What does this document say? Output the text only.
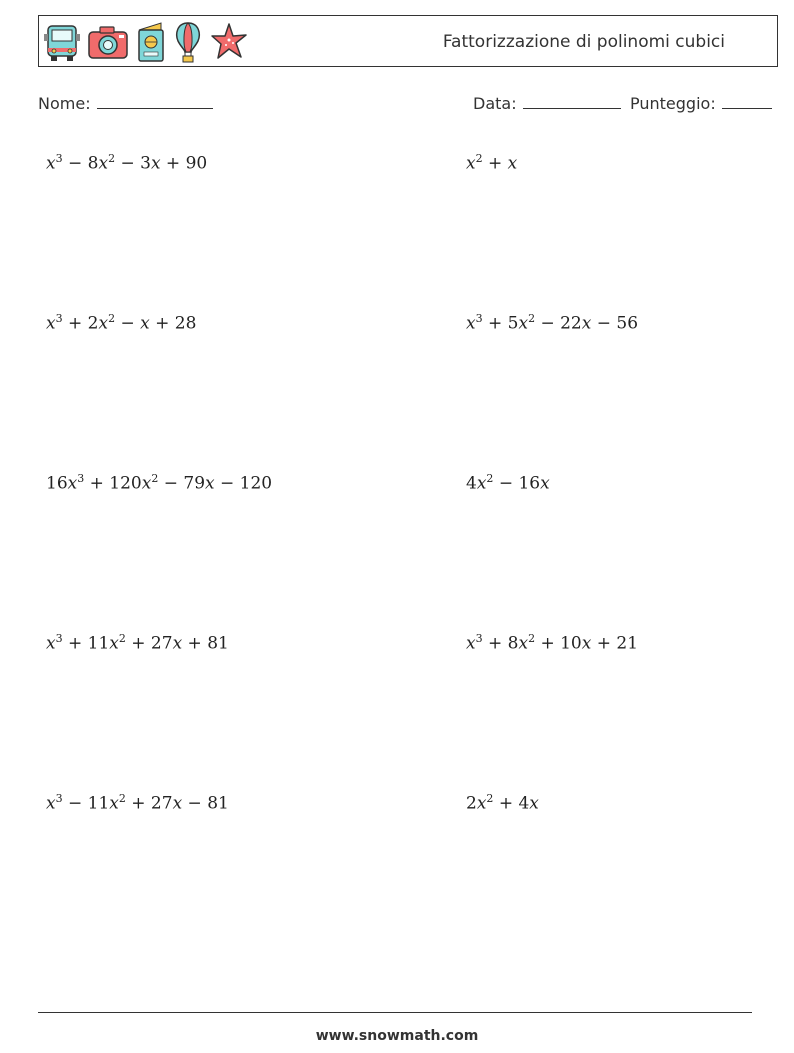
Fattorizzazione di polinomi cubici
Nome:	Data:	Punteggio:
$x^3 - 8x^2 - 3x + 90$	$x^2 + x$
$x^3 + 2x^2 - x + 28$	$x^3 + 5x^2 - 22x - 56$
$16x^3 + 120x^2 - 79x - 120$	$4x^2 - 16x$
$x^3 + 11x^2 + 27x + 81$	$x^3 + 8x^2 + 10x + 21$
$x^3 - 11x^2 + 27x - 81$	$2x^2 + 4x$
www.snowmath.com
